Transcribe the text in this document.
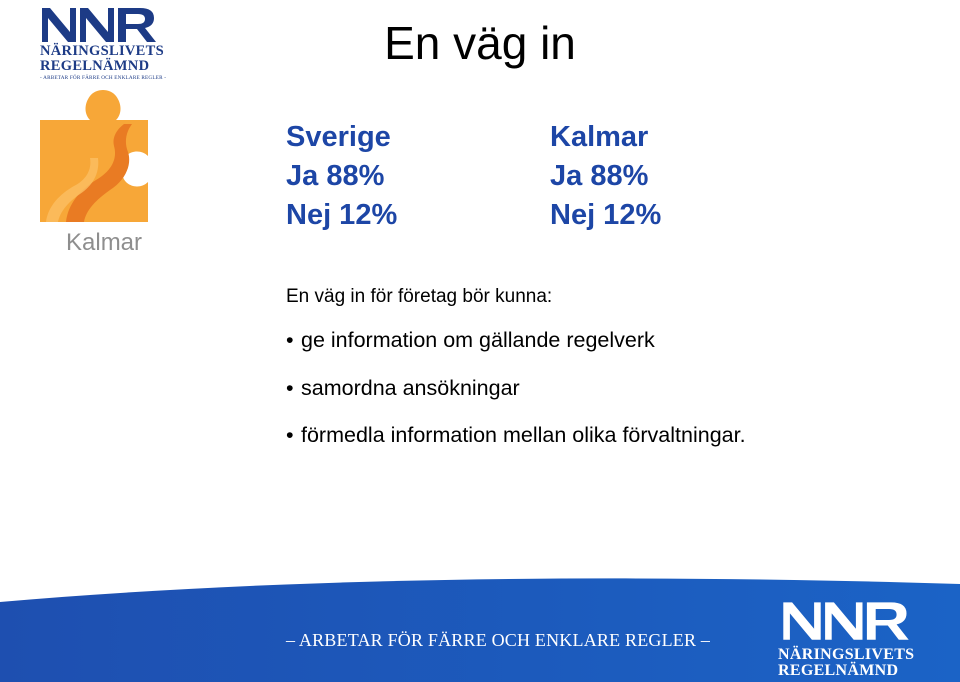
NÄRINGSLIVETS
REGELNÄMND
- ARBETAR FÖR FÄRRE OCH ENKLARE REGLER -
Kalmar
En väg in
Sverige
Ja 88%
Nej 12%
Kalmar
Ja 88%
Nej 12%
En väg in för företag bör kunna:
• ge information om gällande regelverk
• samordna ansökningar
• förmedla information mellan olika förvaltningar.
– ARBETAR FÖR FÄRRE OCH ENKLARE REGLER –
NÄRINGSLIVETS
REGELNÄMND
